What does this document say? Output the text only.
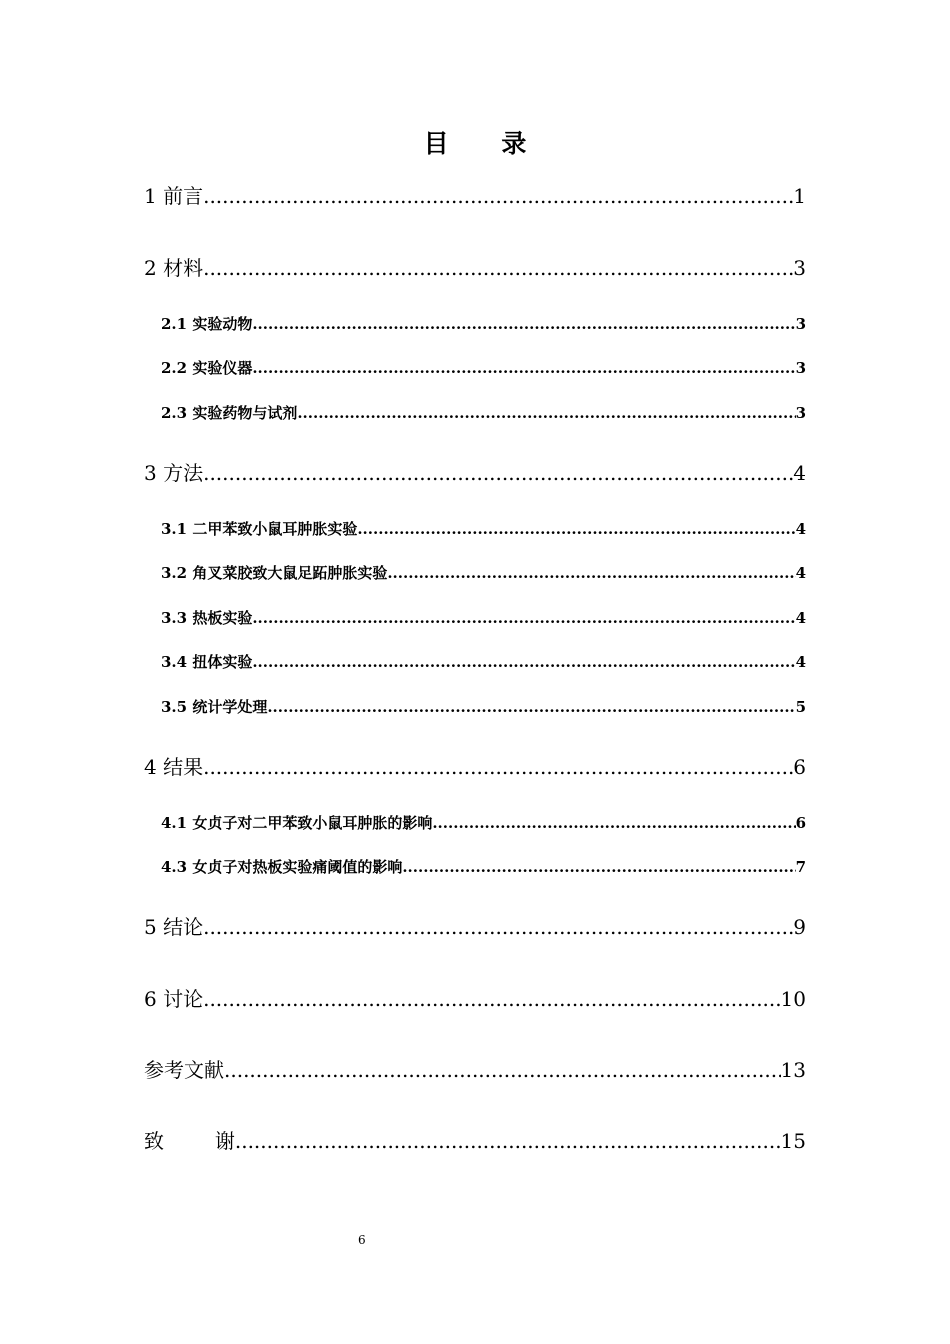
目 录
1 前言 .....	1
2 材料 .....	3
2.1 实验动物 .....	3
2.2 实验仪器 .....	3
2.3 实验药物与试剂 .....	3
3 方法 .....	4
3.1 二甲苯致小鼠耳肿胀实验 .....	4
3.2 角叉菜胶致大鼠足跖肿胀实验 .....	4
3.3 热板实验 .....	4
3.4 扭体实验 .....	4
3.5 统计学处理 .....	5
4 结果 .....	6
4.1 女贞子对二甲苯致小鼠耳肿胀的影响 .....	6
4.3 女贞子对热板实验痛阈值的影响 .....	7
5 结论 .....	9
6 讨论 .....	10
参考文献 .....	13
致        谢 .....	15
6
